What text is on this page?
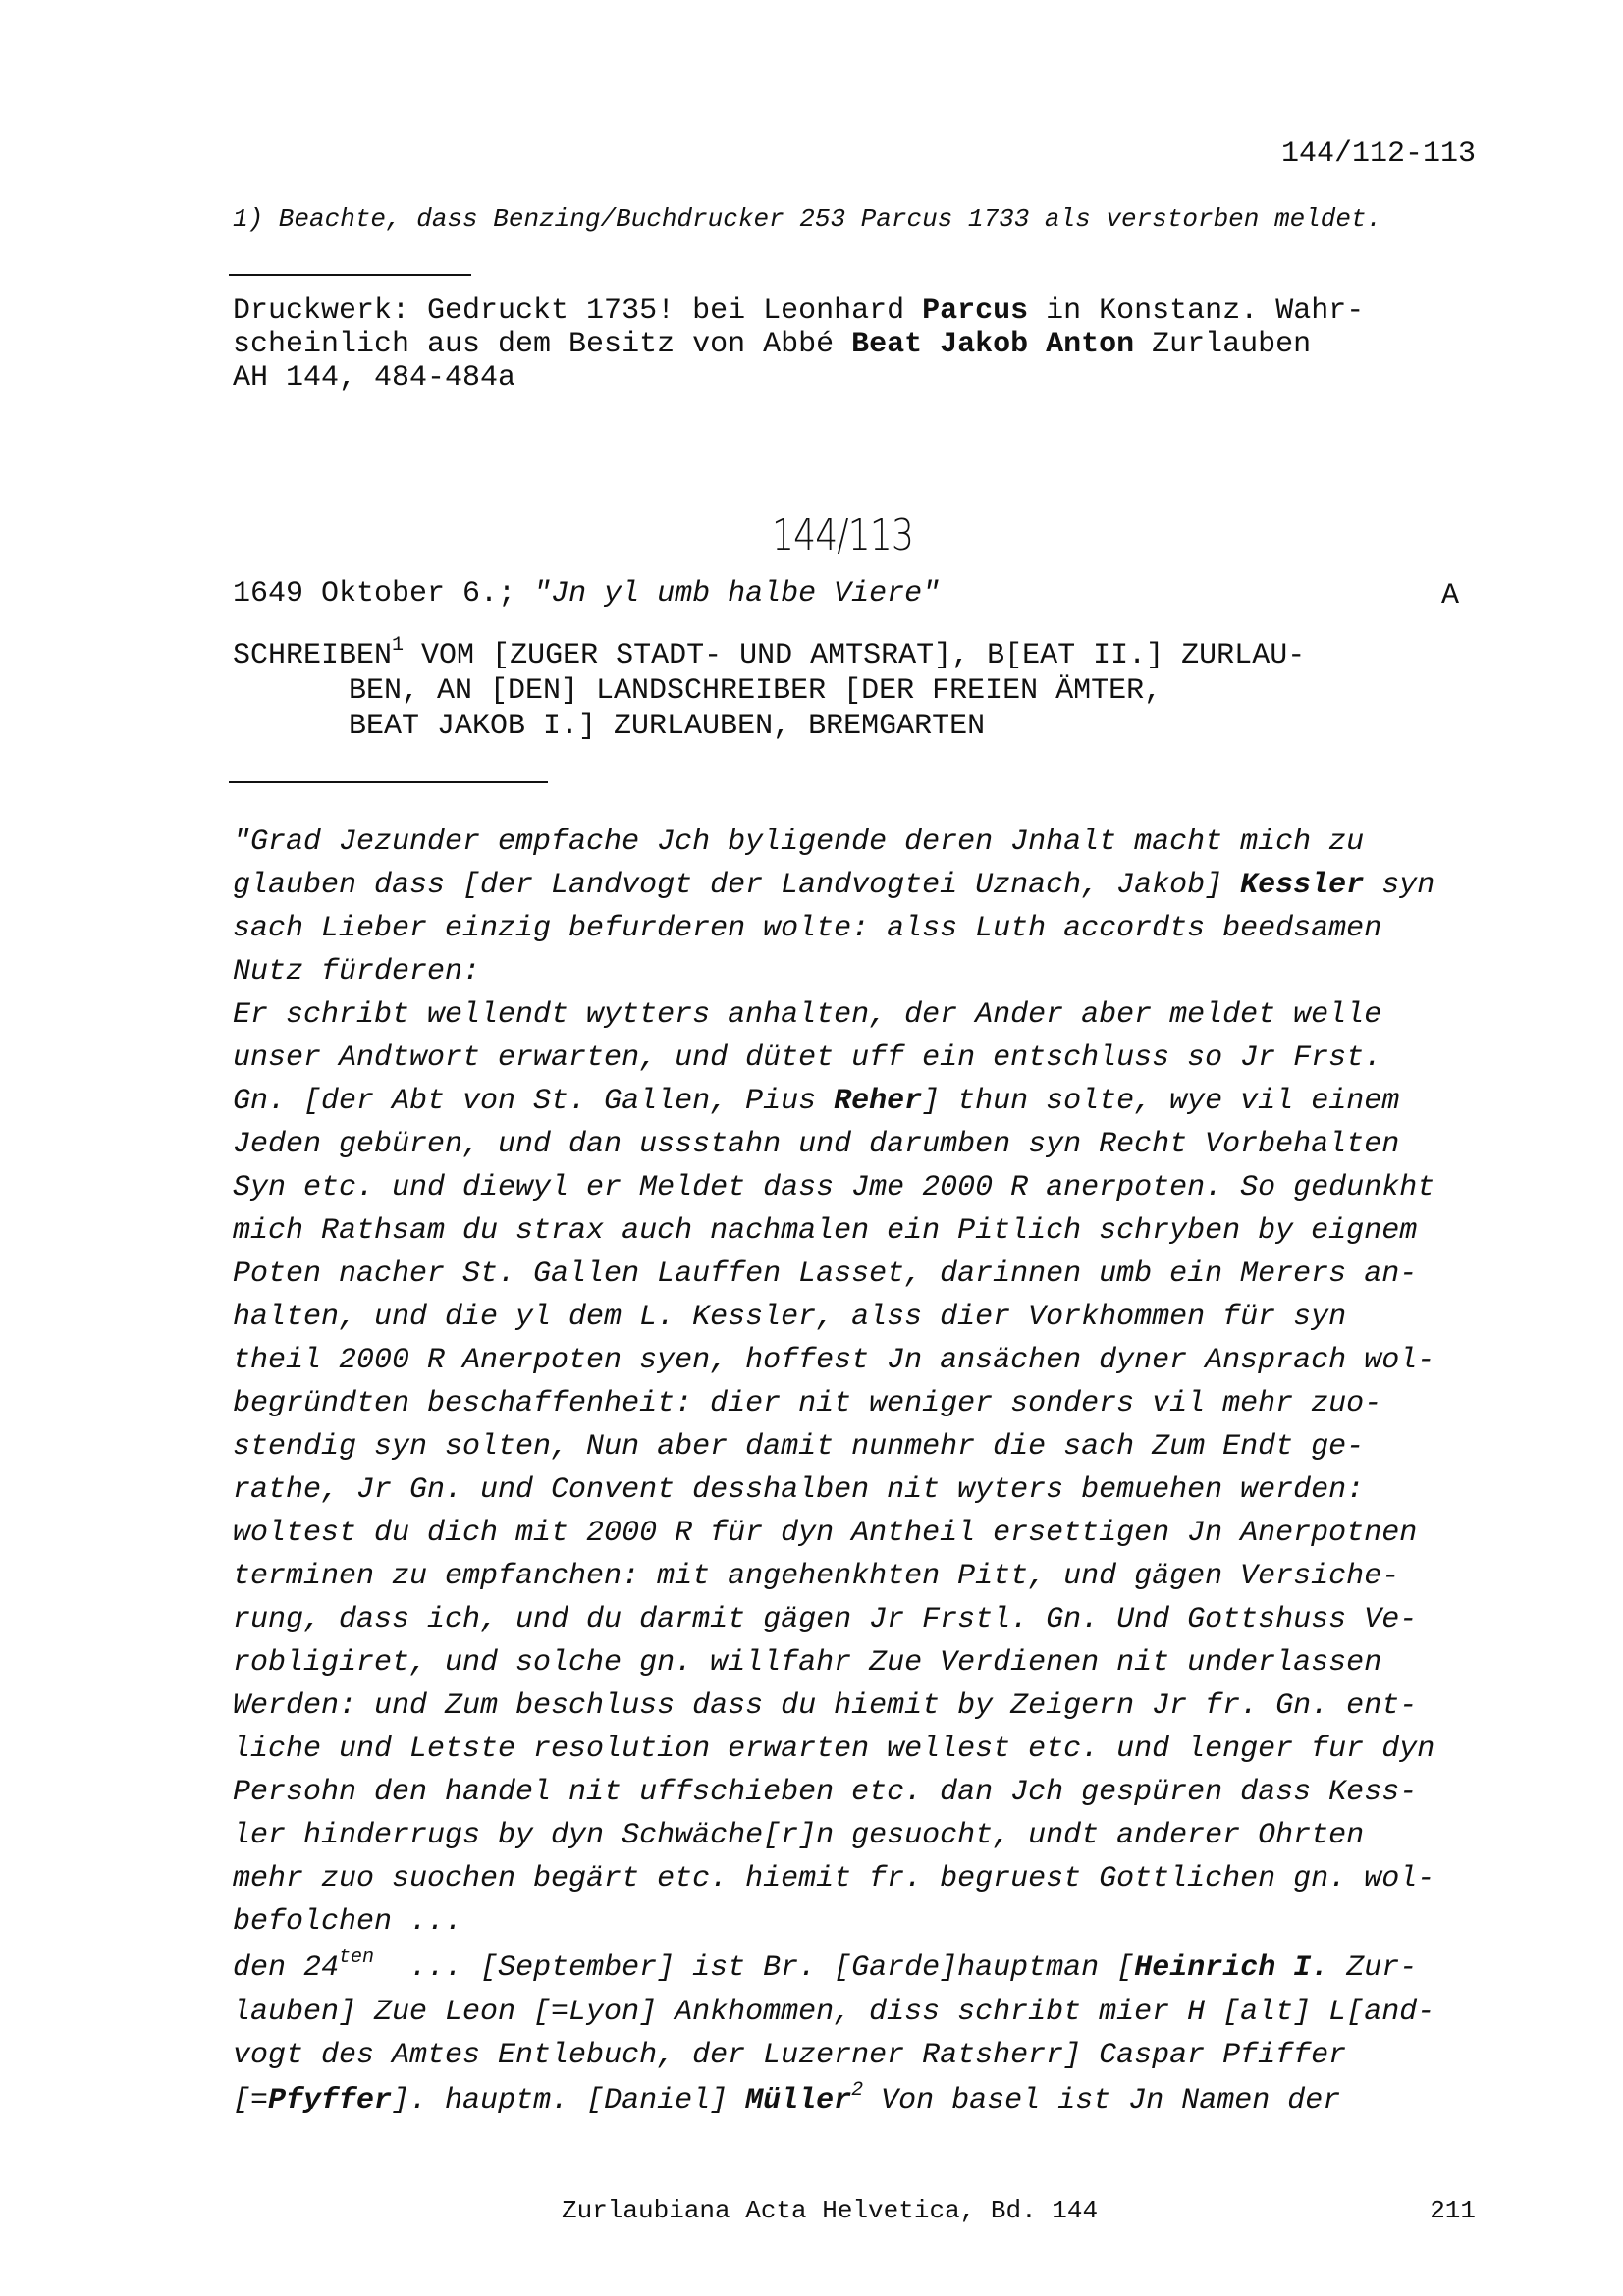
144/112-113
1) Beachte, dass Benzing/Buchdrucker 253 Parcus 1733 als verstorben meldet.
Druckwerk: Gedruckt 1735! bei Leonhard Parcus in Konstanz. Wahr-
scheinlich aus dem Besitz von Abbé Beat Jakob Anton Zurlauben
AH 144, 484-484a
144/113
1649 Oktober 6.; "Jn yl umb halbe Viere"	A
SCHREIBEN$^1$ VOM [ZUGER STADT- UND AMTSRAT], B[EAT II.] ZURLAU-
BEN, AN [DEN] LANDSCHREIBER [DER FREIEN ÄMTER,
BEAT JAKOB I.] ZURLAUBEN, BREMGARTEN
"Grad Jezunder empfache Jch byligende deren Jnhalt macht mich zu
glauben dass [der Landvogt der Landvogtei Uznach, Jakob] Kessler syn
sach Lieber einzig befurderen wolte: alss Luth accordts beedsamen
Nutz fürderen:
Er schribt wellendt wytters anhalten, der Ander aber meldet welle
unser Andtwort erwarten, und dütet uff ein entschluss so Jr Frst.
Gn. [der Abt von St. Gallen, Pius Reher] thun solte, wye vil einem
Jeden gebüren, und dan ussstahn und darumben syn Recht Vorbehalten
Syn etc. und diewyl er Meldet dass Jme 2000 R anerpoten. So gedunkht
mich Rathsam du strax auch nachmalen ein Pitlich schryben by eignem
Poten nacher St. Gallen Lauffen Lasset, darinnen umb ein Merers an-
halten, und die yl dem L. Kessler, alss dier Vorkhommen für syn
theil 2000 R Anerpoten syen, hoffest Jn ansächen dyner Ansprach wol-
begründten beschaffenheit: dier nit weniger sonders vil mehr zuo-
stendig syn solten, Nun aber damit nunmehr die sach Zum Endt ge-
rathe, Jr Gn. und Convent desshalben nit wyters bemuehen werden:
woltest du dich mit 2000 R für dyn Antheil ersettigen Jn Anerpotnen
terminen zu empfanchen: mit angehenkhten Pitt, und gägen Versiche-
rung, dass ich, und du darmit gägen Jr Frstl. Gn. Und Gottshuss Ve-
robligiret, und solche gn. willfahr Zue Verdienen nit underlassen
Werden: und Zum beschluss dass du hiemit by Zeigern Jr fr. Gn. ent-
liche und Letste resolution erwarten wellest etc. und lenger fur dyn
Persohn den handel nit uffschieben etc. dan Jch gespüren dass Kess-
ler hinderrugs by dyn Schwäche[r]n gesuocht, undt anderer Ohrten
mehr zuo suochen begärt etc. hiemit fr. begruest Gottlichen gn. wol-
befolchen ...
den $24^{ten}$  ... [September] ist Br. [Garde]hauptman [Heinrich I. Zur-
lauben] Zue Leon [=Lyon] Ankhommen, diss schribt mier H [alt] L[and-
vogt des Amtes Entlebuch, der Luzerner Ratsherr] Caspar Pfiffer
[=Pfyffer]. hauptm. [Daniel] Müller$^2$ Von basel ist Jn Namen der
Zurlaubiana Acta Helvetica, Bd. 144	211
